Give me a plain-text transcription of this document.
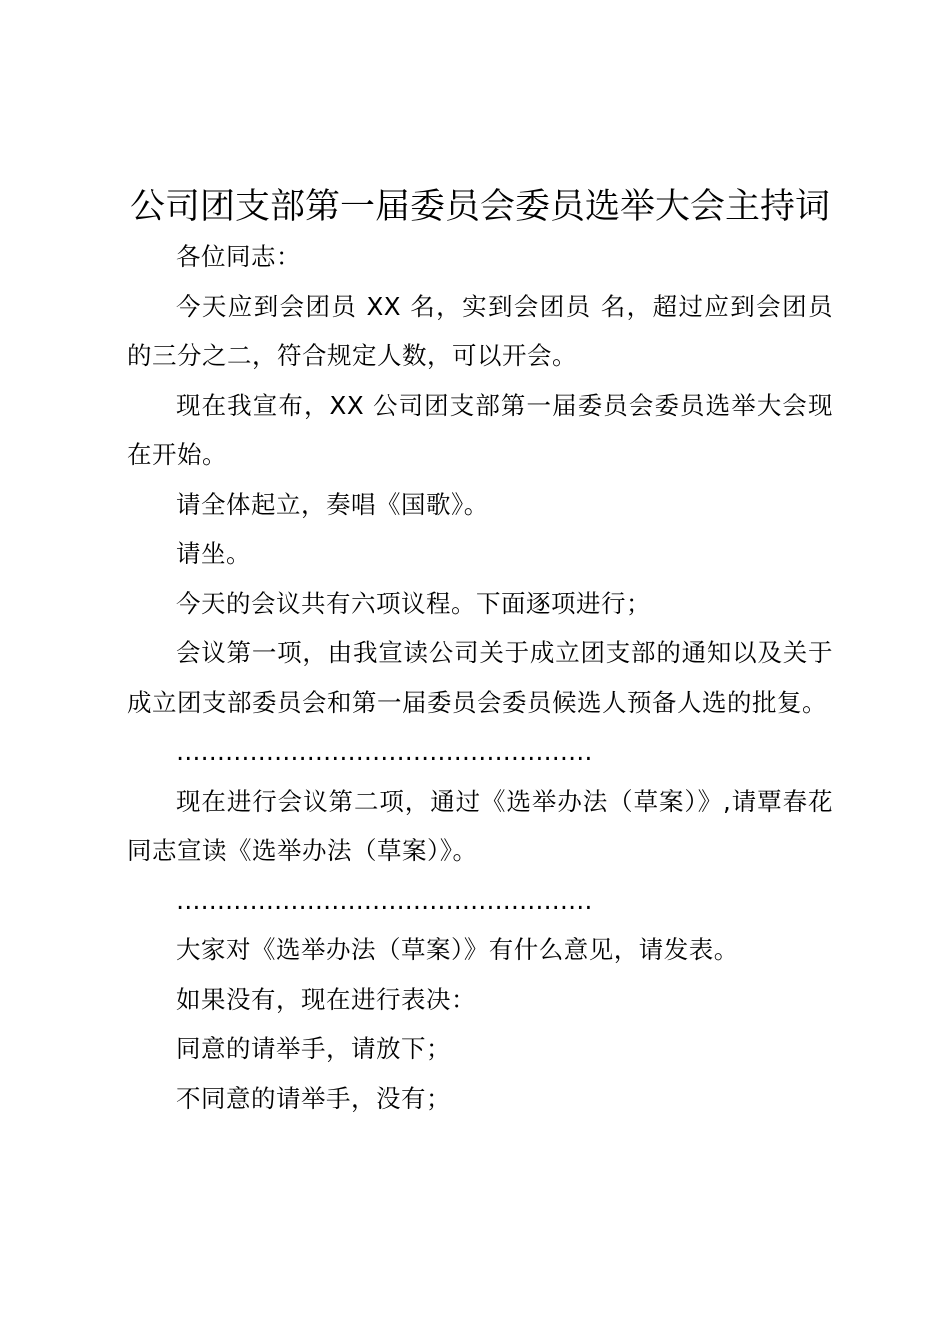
公司团支部第一届委员会委员选举大会主持词

各位同志：

今天应到会团员 XX 名，实到会团员 名，超过应到会团员的三分之二，符合规定人数，可以开会。

现在我宣布，XX 公司团支部第一届委员会委员选举大会现在开始。

请全体起立，奏唱《国歌》。

请坐。

今天的会议共有六项议程。下面逐项进行；

会议第一项，由我宣读公司关于成立团支部的通知以及关于成立团支部委员会和第一届委员会委员候选人预备人选的批复。

……………………………………………

现在进行会议第二项，通过《选举办法（草案）》,请覃春花同志宣读《选举办法（草案）》。

……………………………………………

大家对《选举办法（草案）》有什么意见，请发表。

如果没有，现在进行表决：

同意的请举手，请放下；

不同意的请举手，没有；
